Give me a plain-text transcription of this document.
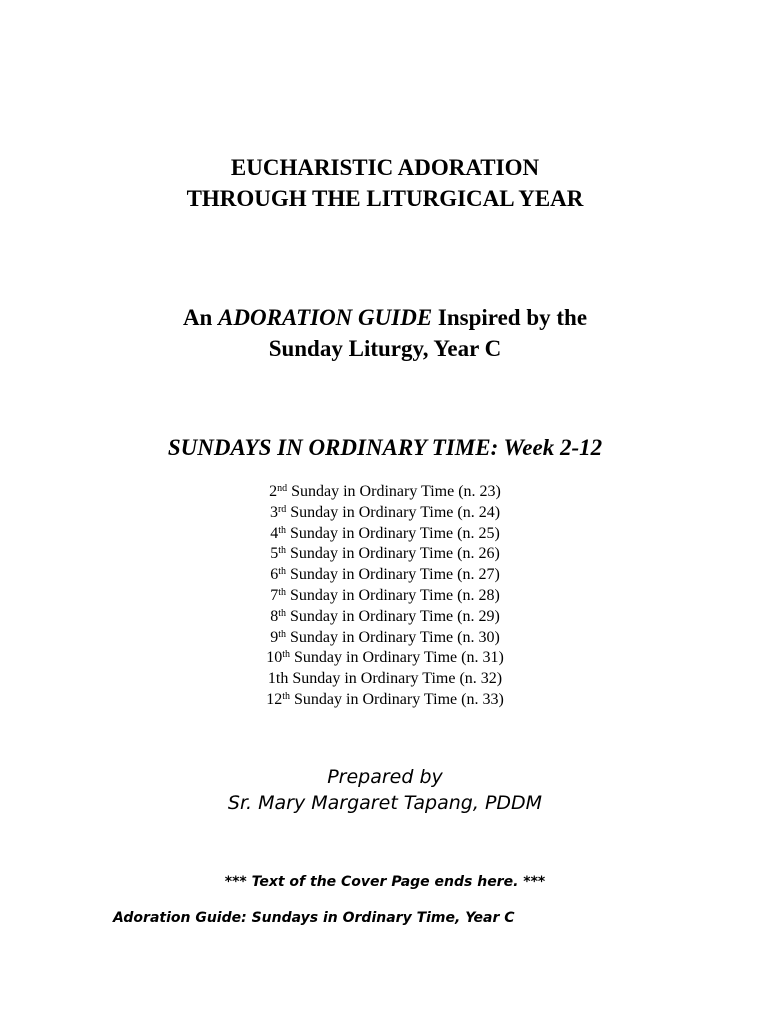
EUCHARISTIC ADORATION
THROUGH THE LITURGICAL YEAR
An ADORATION GUIDE Inspired by the
Sunday Liturgy, Year C
SUNDAYS IN ORDINARY TIME: Week 2-12
2nd Sunday in Ordinary Time (n. 23)
3rd Sunday in Ordinary Time (n. 24)
4th Sunday in Ordinary Time (n. 25)
5th Sunday in Ordinary Time (n. 26)
6th Sunday in Ordinary Time (n. 27)
7th Sunday in Ordinary Time (n. 28)
8th Sunday in Ordinary Time (n. 29)
9th Sunday in Ordinary Time (n. 30)
10th Sunday in Ordinary Time (n. 31)
1th Sunday in Ordinary Time (n. 32)
12th Sunday in Ordinary Time (n. 33)
Prepared by
Sr. Mary Margaret Tapang, PDDM
*** Text of the Cover Page ends here. ***
Adoration Guide: Sundays in Ordinary Time, Year C
